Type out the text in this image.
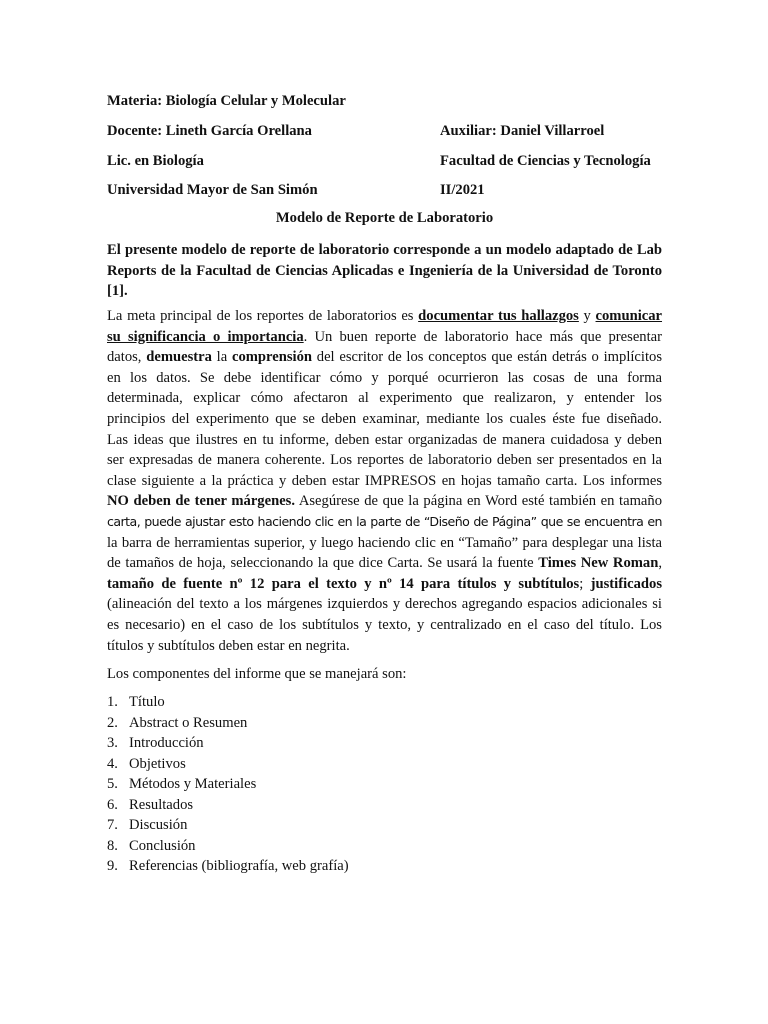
Materia: Biología Celular y Molecular
Docente: Lineth García Orellana	Auxiliar: Daniel Villarroel
Lic. en Biología	Facultad de Ciencias y Tecnología
Universidad Mayor de San Simón	II/2021
Modelo de Reporte de Laboratorio
El presente modelo de reporte de laboratorio corresponde a un modelo adaptado de Lab Reports de la Facultad de Ciencias Aplicadas e Ingeniería de la Universidad de Toronto [1].
La meta principal de los reportes de laboratorios es documentar tus hallazgos y comunicar
su significancia o importancia. Un buen reporte de laboratorio hace más que presentar
datos, demuestra la comprensión del escritor de los conceptos que están detrás o implícitos
en los datos. Se debe identificar cómo y porqué ocurrieron las cosas de una forma
determinada, explicar cómo afectaron al experimento que realizaron, y entender los
principios del experimento que se deben examinar, mediante los cuales éste fue diseñado.
Las ideas que ilustres en tu informe, deben estar organizadas de manera cuidadosa y deben
ser expresadas de manera coherente. Los reportes de laboratorio deben ser presentados en la
clase siguiente a la práctica y deben estar IMPRESOS en hojas tamaño carta. Los informes
NO deben de tener márgenes. Asegúrese de que la página en Word esté también en tamaño
carta, puede ajustar esto haciendo clic en la parte de “Diseño de Página” que se encuentra en
la barra de herramientas superior, y luego haciendo clic en “Tamaño” para desplegar una lista
de tamaños de hoja, seleccionando la que dice Carta. Se usará la fuente Times New Roman,
tamaño de fuente nº 12 para el texto y nº 14 para títulos y subtítulos; justificados
(alineación del texto a los márgenes izquierdos y derechos agregando espacios adicionales si
es necesario) en el caso de los subtítulos y texto, y centralizado en el caso del título. Los
títulos y subtítulos deben estar en negrita.
Los componentes del informe que se manejará son:
1. Título
2. Abstract o Resumen
3. Introducción
4. Objetivos
5. Métodos y Materiales
6. Resultados
7. Discusión
8. Conclusión
9. Referencias (bibliografía, web grafía)
